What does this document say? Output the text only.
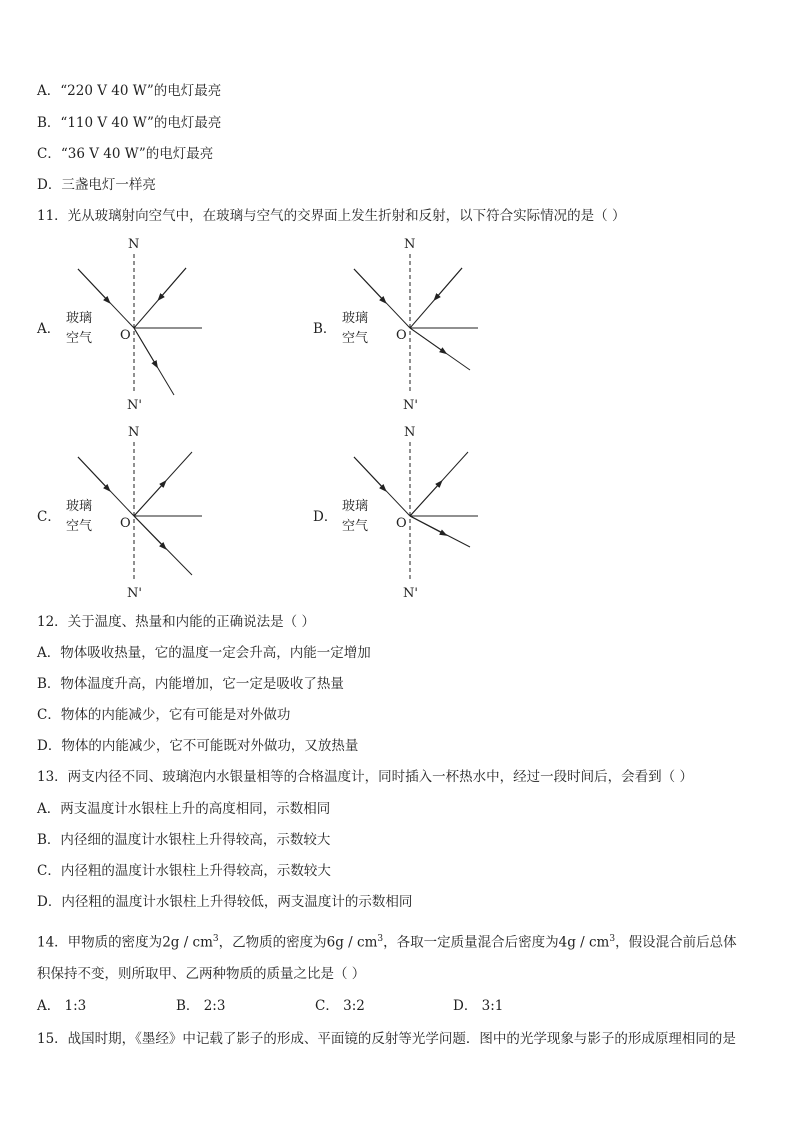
A．“220 V 40 W”的电灯最亮
B．“110 V 40 W”的电灯最亮
C．“36 V 40 W”的电灯最亮
D．三盏电灯一样亮
11．光从玻璃射向空气中，在玻璃与空气的交界面上发生折射和反射，以下符合实际情况的是（ ）
A．
N
N'
O
玻璃
空气
B．
N
N'
O
玻璃
空气
C．
N
N'
O
玻璃
空气
D．
N
N'
O
玻璃
空气
12．关于温度、热量和内能的正确说法是（ ）
A．物体吸收热量，它的温度一定会升高，内能一定增加
B．物体温度升高，内能增加，它一定是吸收了热量
C．物体的内能减少，它有可能是对外做功
D．物体的内能减少，它不可能既对外做功，又放热量
13．两支内径不同、玻璃泡内水银量相等的合格温度计，同时插入一杯热水中，经过一段时间后，会看到（ ）
A．两支温度计水银柱上升的高度相同，示数相同
B．内径细的温度计水银柱上升得较高，示数较大
C．内径粗的温度计水银柱上升得较高，示数较大
D．内径粗的温度计水银柱上升得较低，两支温度计的示数相同
14．甲物质的密度为$2g / cm^3$，乙物质的密度为$6g / cm^3$，各取一定质量混合后密度为$4g / cm^3$，假设混合前后总体
积保持不变，则所取甲、乙两种物质的质量之比是（ ）
A． 1:3	B． 2:3	C． 3:2	D． 3:1
15．战国时期，《墨经》中记载了影子的形成、平面镜的反射等光学问题．图中的光学现象与影子的形成原理相同的是
